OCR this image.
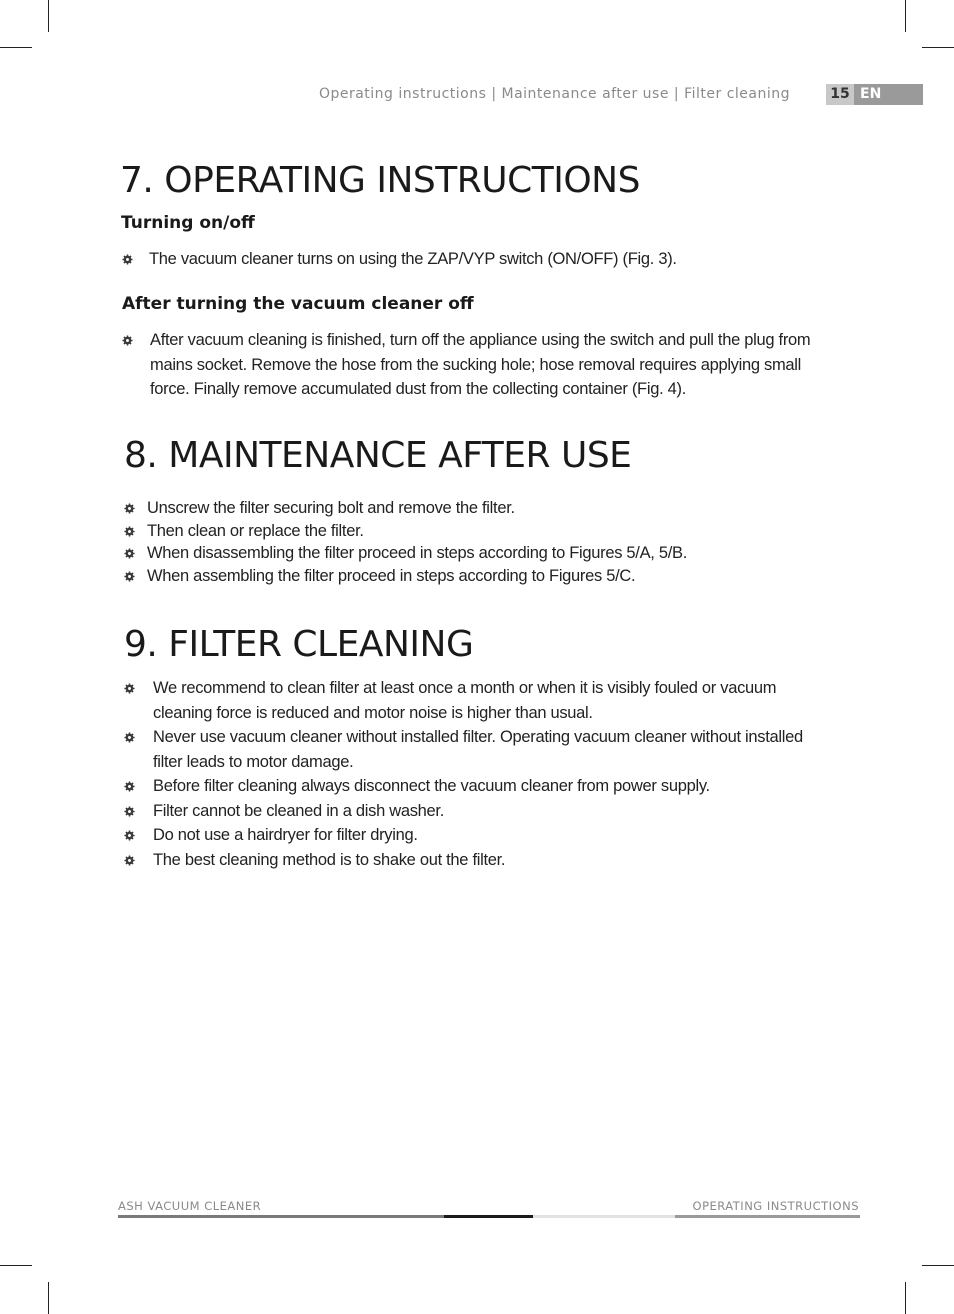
Operating instructions | Maintenance after use | Filter cleaning	15 EN
7. OPERATING INSTRUCTIONS
Turning on/off
The vacuum cleaner turns on using the ZAP/VYP switch (ON/OFF) (Fig. 3).
After turning the vacuum cleaner off
After vacuum cleaning is finished, turn off the appliance using the switch and pull the plug from mains socket. Remove the hose from the sucking hole; hose removal requires applying small force. Finally remove accumulated dust from the collecting container (Fig. 4).
8. MAINTENANCE AFTER USE
Unscrew the filter securing bolt and remove the filter.
Then clean or replace the filter.
When disassembling the filter proceed in steps according to Figures 5/A, 5/B.
When assembling the filter proceed in steps according to Figures 5/C.
9. FILTER CLEANING
We recommend to clean filter at least once a month or when it is visibly fouled or vacuum cleaning force is reduced and motor noise is higher than usual.
Never use vacuum cleaner without installed filter. Operating vacuum cleaner without installed filter leads to motor damage.
Before filter cleaning always disconnect the vacuum cleaner from power supply.
Filter cannot be cleaned in a dish washer.
Do not use a hairdryer for filter drying.
The best cleaning method is to shake out the filter.
ASH VACUUM CLEANER	OPERATING INSTRUCTIONS
